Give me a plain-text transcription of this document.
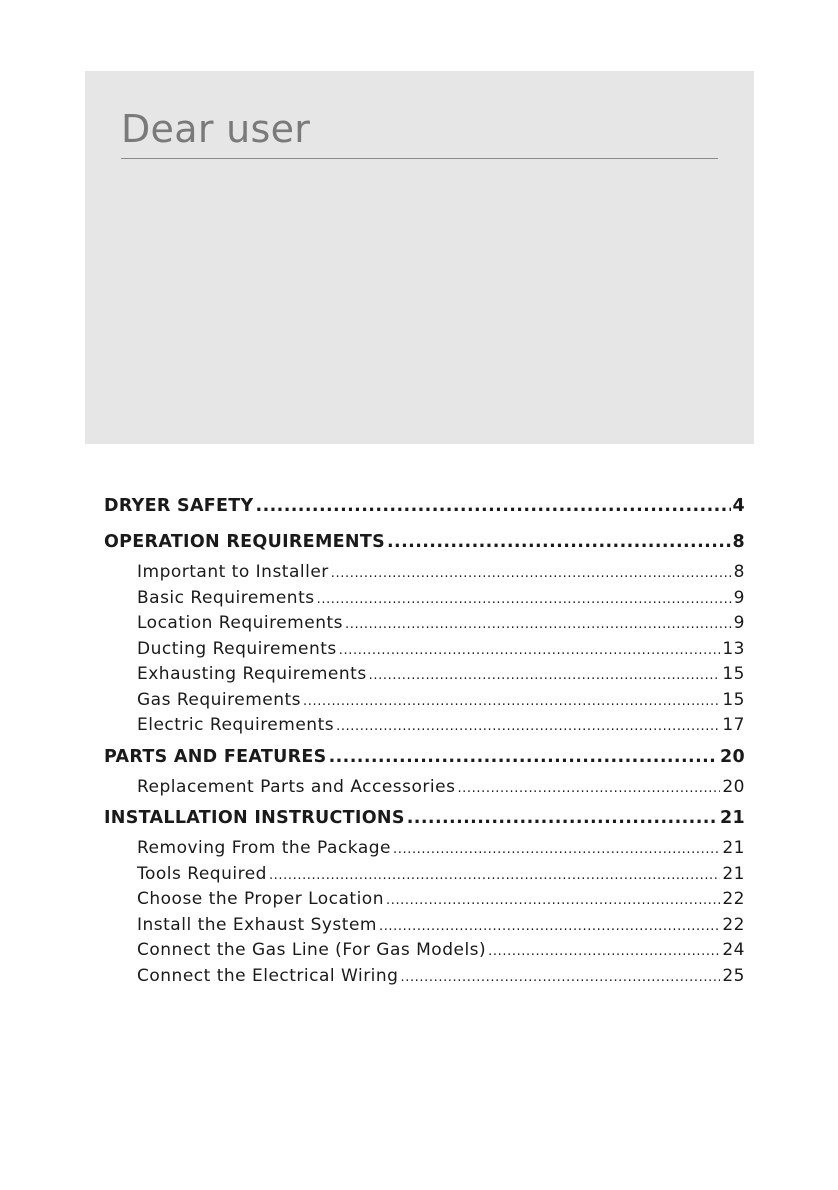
Dear user
DRYER SAFETY .....	4
OPERATION REQUIREMENTS .....	8
Important to Installer .....	8
Basic Requirements .....	9
Location Requirements .....	9
Ducting Requirements .....	13
Exhausting Requirements .....	15
Gas Requirements .....	15
Electric Requirements .....	17
PARTS AND FEATURES .....	20
Replacement Parts and Accessories .....	20
INSTALLATION INSTRUCTIONS .....	21
Removing From the Package .....	21
Tools Required .....	21
Choose the Proper Location .....	22
Install the Exhaust System .....	22
Connect the Gas Line (For Gas Models) .....	24
Connect the Electrical Wiring .....	25
